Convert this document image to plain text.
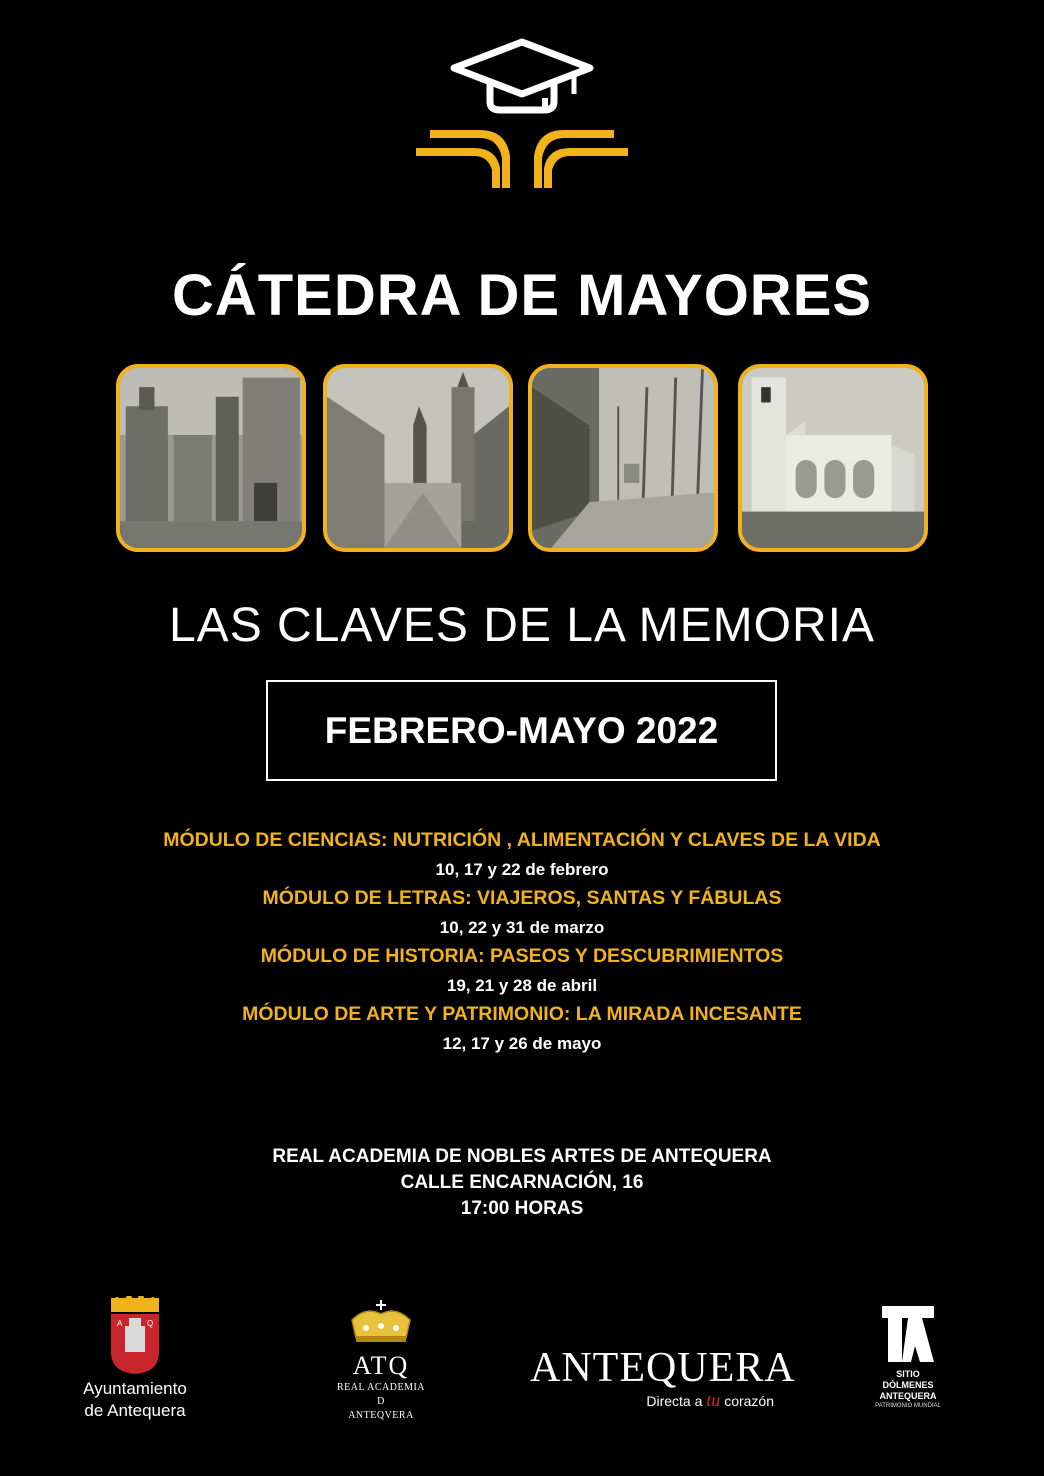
CÁTEDRA DE MAYORES
LAS CLAVES DE LA MEMORIA
FEBRERO-MAYO 2022
MÓDULO DE CIENCIAS: NUTRICIÓN , ALIMENTACIÓN Y CLAVES DE LA VIDA
10, 17 y 22 de febrero
MÓDULO DE LETRAS: VIAJEROS, SANTAS Y FÁBULAS
10, 22 y 31 de marzo
MÓDULO DE HISTORIA: PASEOS Y DESCUBRIMIENTOS
19, 21 y 28 de abril
MÓDULO DE ARTE Y PATRIMONIO: LA MIRADA INCESANTE
12, 17 y 26 de mayo
REAL ACADEMIA DE NOBLES ARTES DE ANTEQUERA
CALLE ENCARNACIÓN, 16
17:00 HORAS
A	Q
Ayuntamiento
de Antequera
ATQ
REAL ACADEMIA
D
ANTEQVERA
ANTEQUERA
Directa a tu corazón
SITIO DÓLMENES
ANTEQUERA
PATRIMONIO MUNDIAL
